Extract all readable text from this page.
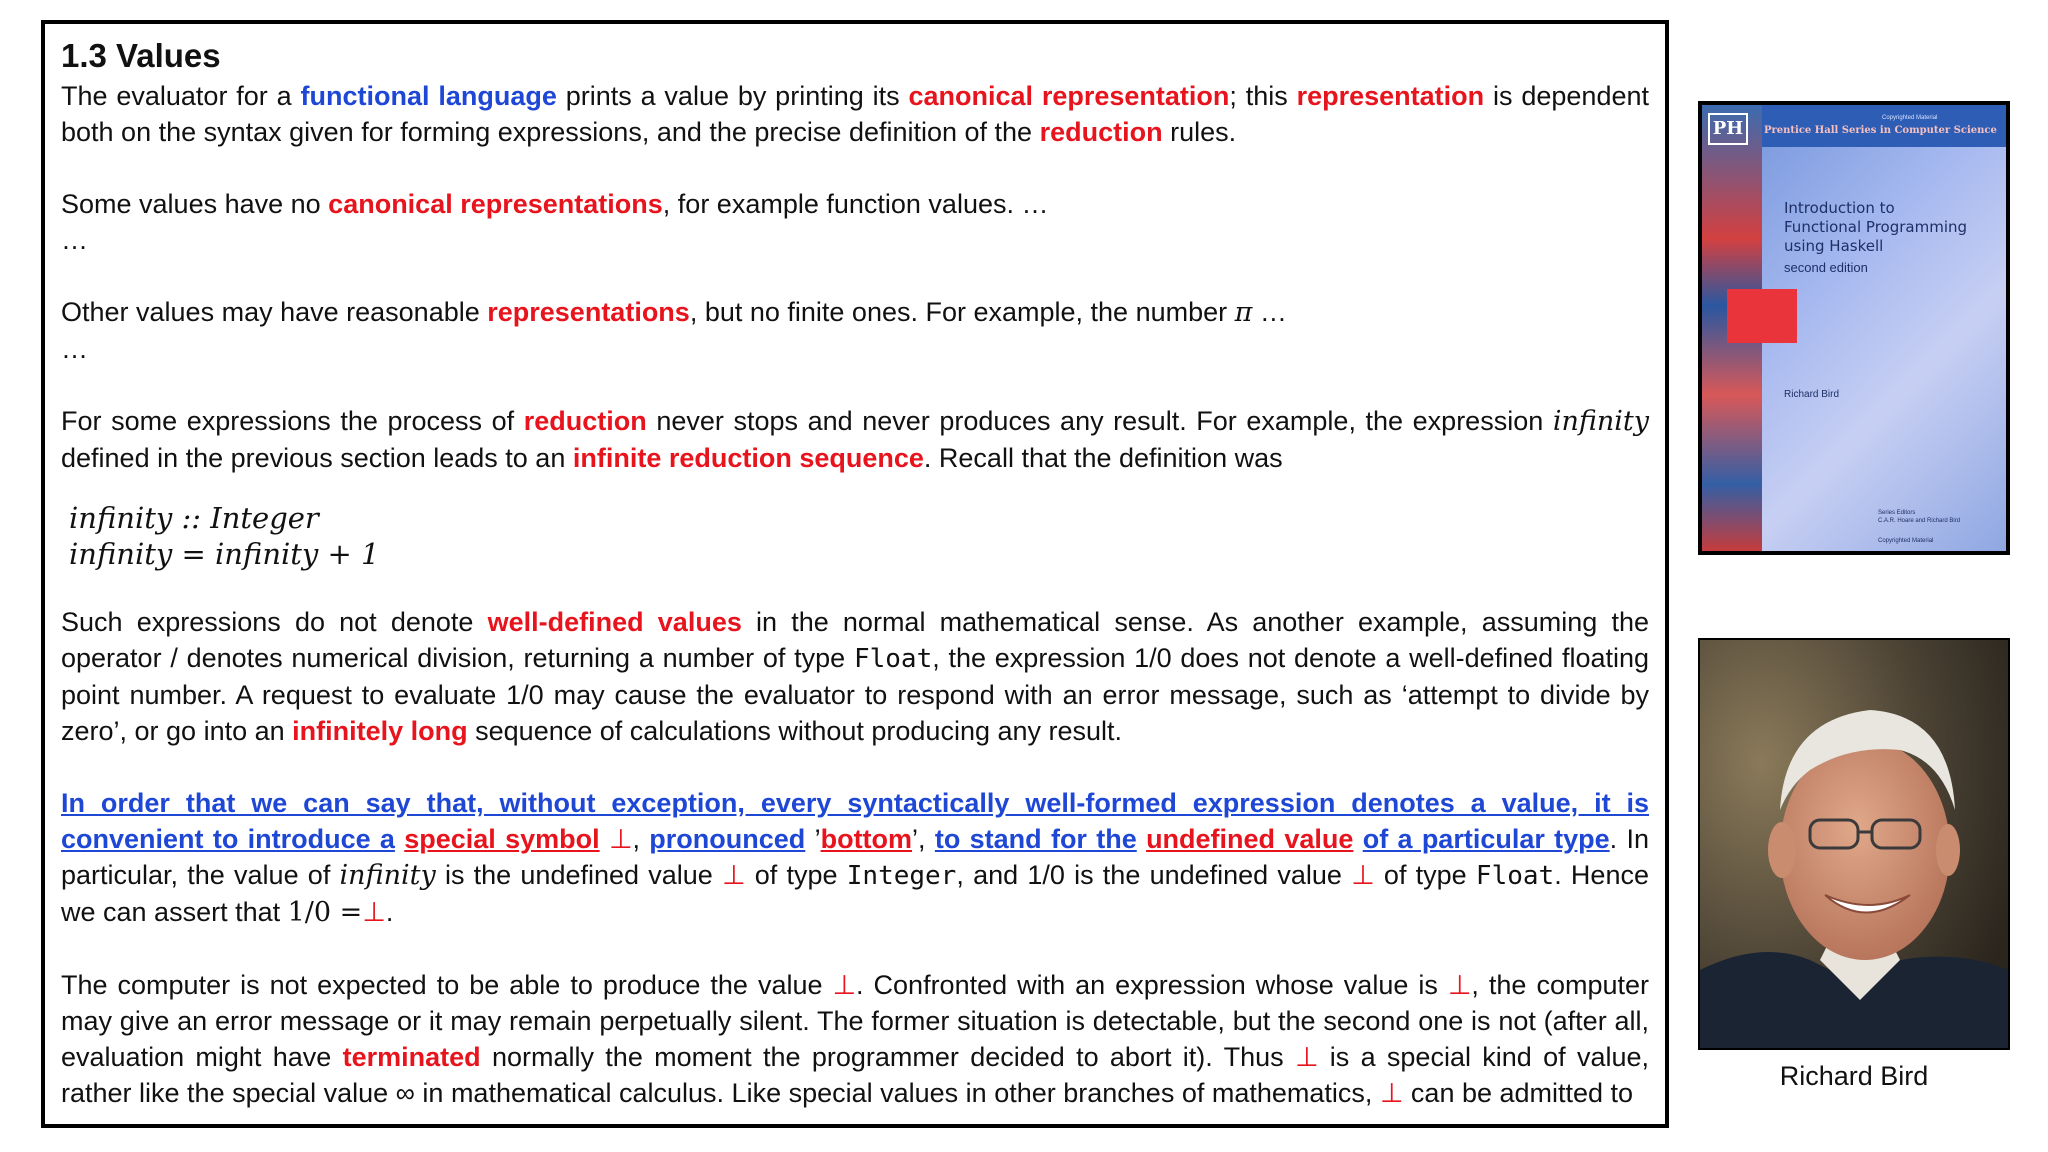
1.3 Values

The evaluator for a functional language prints a value by printing its canonical representation; this representation is dependent both on the syntax given for forming expressions, and the precise definition of the reduction rules.

Some values have no canonical representations, for example function values. …

…

Other values may have reasonable representations, but no finite ones. For example, the number π …

…

For some expressions the process of reduction never stops and never produces any result. For example, the expression infinity defined in the previous section leads to an infinite reduction sequence. Recall that the definition was

infinity :: Integer
infinity = infinity + 1

Such expressions do not denote well-defined values in the normal mathematical sense. As another example, assuming the operator / denotes numerical division, returning a number of type Float, the expression 1/0 does not denote a well-defined floating point number. A request to evaluate 1/0 may cause the evaluator to respond with an error message, such as ‘attempt to divide by zero’, or go into an infinitely long sequence of calculations without producing any result.

In order that we can say that, without exception, every syntactically well-formed expression denotes a value, it is convenient to introduce a special symbol ⊥, pronounced ’bottom’, to stand for the undefined value of a particular type. In particular, the value of infinity is the undefined value ⊥ of type Integer, and 1/0 is the undefined value ⊥ of type Float. Hence we can assert that 1/0 =⊥.

The computer is not expected to be able to produce the value ⊥. Confronted with an expression whose value is ⊥, the computer may give an error message or it may remain perpetually silent. The former situation is detectable, but the second one is not (after all, evaluation might have terminated normally the moment the programmer decided to abort it). Thus ⊥ is a special kind of value, rather like the special value ∞ in mathematical calculus. Like special values in other branches of mathematics, ⊥ can be admitted to

PH	Copyrighted Material
Prentice Hall Series in Computer Science
Introduction to
Functional Programming
using Haskell
second edition
Richard Bird
Series Editors
C.A.R. Hoare and Richard Bird
Copyrighted Material
Richard Bird
